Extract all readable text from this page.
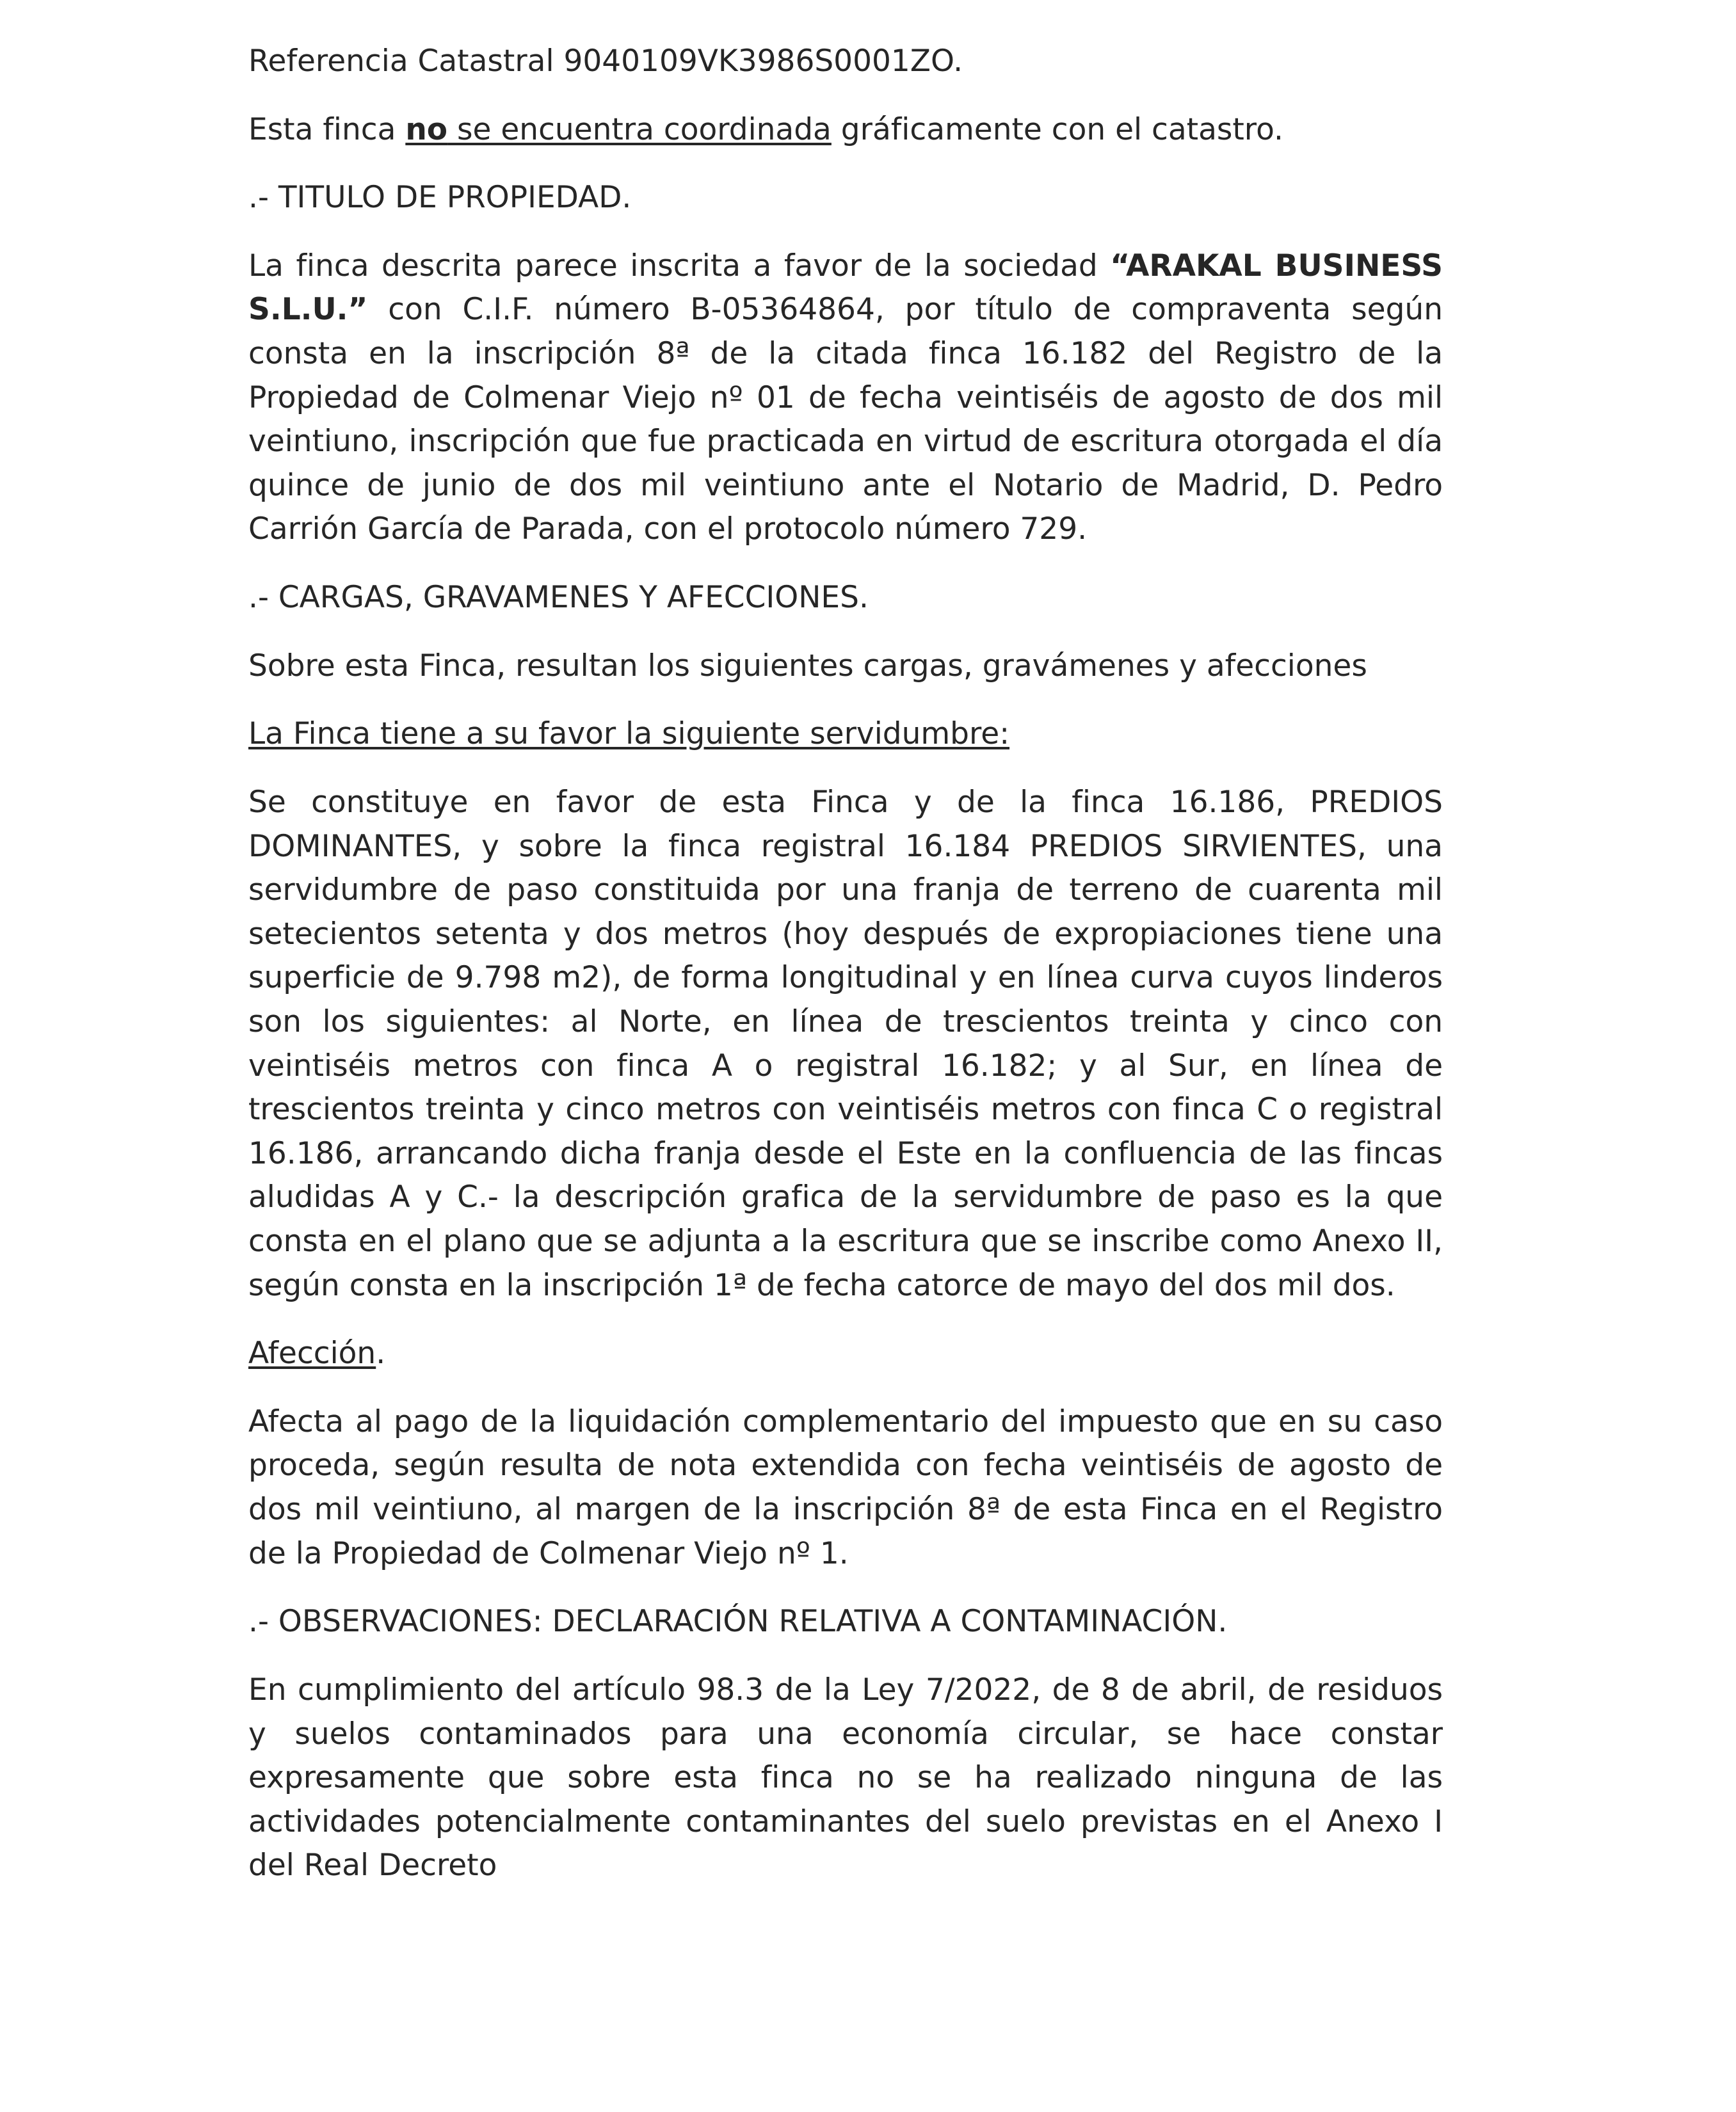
Referencia Catastral 9040109VK3986S0001ZO.

Esta finca no se encuentra coordinada gráficamente con el catastro.

.- TITULO DE PROPIEDAD.

La finca descrita parece inscrita a favor de la sociedad “ARAKAL BUSINESS S.L.U.” con C.I.F. número B-05364864, por título de compraventa según consta en la inscripción 8ª de la citada finca 16.182 del Registro de la Propiedad de Colmenar Viejo nº 01 de fecha veintiséis de agosto de dos mil veintiuno, inscripción que fue practicada en virtud de escritura otorgada el día quince de junio de dos mil veintiuno ante el Notario de Madrid, D. Pedro Carrión García de Parada, con el protocolo número 729.

.- CARGAS, GRAVAMENES Y AFECCIONES.

Sobre esta Finca, resultan los siguientes cargas, gravámenes y afecciones

La Finca tiene a su favor la siguiente servidumbre:

Se constituye en favor de esta Finca y de la finca 16.186, PREDIOS DOMINANTES, y sobre la finca registral 16.184 PREDIOS SIRVIENTES, una servidumbre de paso constituida por una franja de terreno de cuarenta mil setecientos setenta y dos metros (hoy después de expropiaciones tiene una superficie de 9.798 m2), de forma longitudinal y en línea curva cuyos linderos son los siguientes: al Norte, en línea de trescientos treinta y cinco con veintiséis metros con finca A o registral 16.182; y al Sur, en línea de trescientos treinta y cinco metros con veintiséis metros con finca C o registral 16.186, arrancando dicha franja desde el Este en la confluencia de las fincas aludidas A y C.- la descripción grafica de la servidumbre de paso es la que consta en el plano que se adjunta a la escritura que se inscribe como Anexo II, según consta en la inscripción 1ª de fecha catorce de mayo del dos mil dos.

Afección.

Afecta al pago de la liquidación complementario del impuesto que en su caso proceda, según resulta de nota extendida con fecha veintiséis de agosto de dos mil veintiuno, al margen de la inscripción 8ª de esta Finca en el Registro de la Propiedad de Colmenar Viejo nº 1.

.- OBSERVACIONES: DECLARACIÓN RELATIVA A CONTAMINACIÓN.

En cumplimiento del artículo 98.3 de la Ley 7/2022, de 8 de abril, de residuos y suelos contaminados para una economía circular, se hace constar expresamente que sobre esta finca no se ha realizado ninguna de las actividades potencialmente contaminantes del suelo previstas en el Anexo I del Real Decreto
